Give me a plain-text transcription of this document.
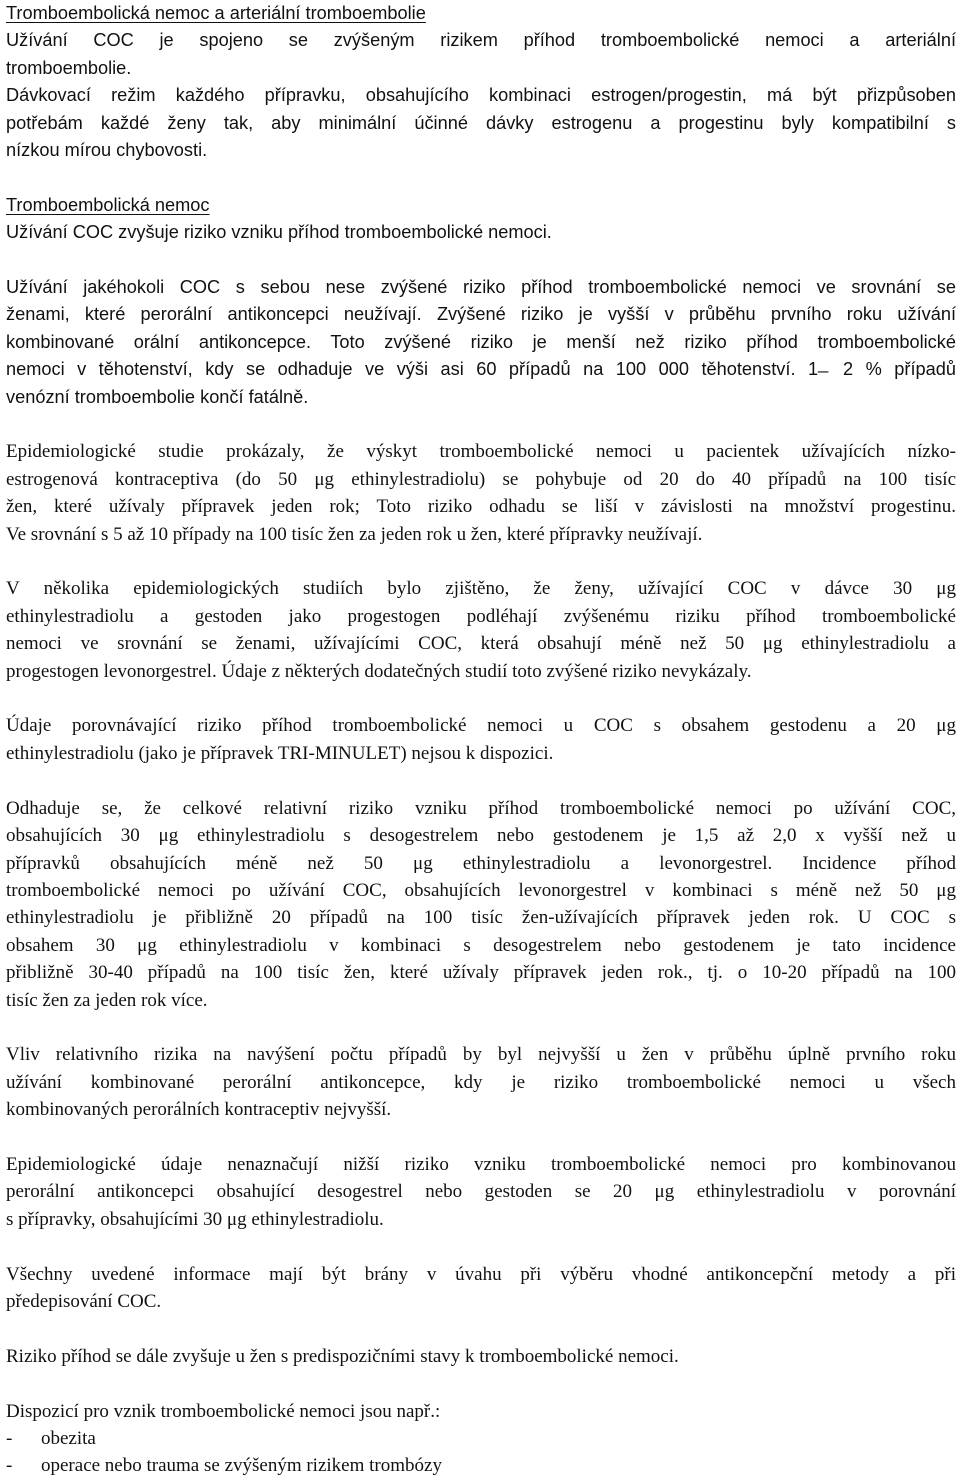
Tromboembolická nemoc a arteriální tromboembolie
Užívání COC je spojeno se zvýšeným rizikem příhod tromboembolické nemoci a arteriální
tromboembolie.
Dávkovací režim každého přípravku, obsahujícího kombinaci estrogen/progestin, má být přizpůsoben
potřebám každé ženy tak, aby minimální účinné dávky estrogenu a progestinu byly kompatibilní s
nízkou mírou chybovosti.
Tromboembolická nemoc
Užívání COC zvyšuje riziko vzniku příhod tromboembolické nemoci.
Užívání jakéhokoli COC s sebou nese zvýšené riziko příhod tromboembolické nemoci ve srovnání se
ženami, které perorální antikoncepci neužívají. Zvýšené riziko je vyšší v průběhu prvního roku užívání
kombinované orální antikoncepce. Toto zvýšené riziko je menší než riziko příhod tromboembolické
nemoci v těhotenství, kdy se odhaduje ve výši asi 60 případů na 100 000 těhotenství. 1 ̶ 2 % případů
venózní tromboembolie končí fatálně.
Epidemiologické studie prokázaly, že výskyt tromboembolické nemoci u pacientek užívajících nízko-
estrogenová kontraceptiva (do 50 μg ethinylestradiolu) se pohybuje od 20 do 40 případů na 100 tisíc
žen, které užívaly přípravek jeden rok; Toto riziko odhadu se liší v závislosti na množství progestinu.
Ve srovnání s 5 až 10 případy na 100 tisíc žen za jeden rok u žen, které přípravky neužívají.
V několika epidemiologických studiích bylo zjištěno, že ženy, užívající COC v dávce 30 μg
ethinylestradiolu a gestoden jako progestogen podléhají zvýšenému riziku příhod tromboembolické
nemoci ve srovnání se ženami, užívajícími COC, která obsahují méně než 50 μg ethinylestradiolu a
progestogen levonorgestrel. Údaje z některých dodatečných studií toto zvýšené riziko nevykázaly.
Údaje porovnávající riziko příhod tromboembolické nemoci u COC s obsahem gestodenu a 20 μg
ethinylestradiolu (jako je přípravek TRI-MINULET) nejsou k dispozici.
Odhaduje se, že celkové relativní riziko vzniku příhod tromboembolické nemoci po užívání COC,
obsahujících 30 μg ethinylestradiolu s desogestrelem nebo gestodenem je 1,5 až 2,0 x vyšší než u
přípravků obsahujících méně než 50 μg ethinylestradiolu a levonorgestrel. Incidence příhod
tromboembolické nemoci po užívání COC, obsahujících levonorgestrel v kombinaci s méně než 50 μg
ethinylestradiolu je přibližně 20 případů na 100 tisíc žen-užívajících přípravek jeden rok. U COC s
obsahem 30 μg ethinylestradiolu v kombinaci s desogestrelem nebo gestodenem je tato incidence
přibližně 30-40 případů na 100 tisíc žen, které užívaly přípravek jeden rok., tj. o 10-20 případů na 100
tisíc žen za jeden rok více.
Vliv relativního rizika na navýšení počtu případů by byl nejvyšší u žen v průběhu úplně prvního roku
užívání kombinované perorální antikoncepce, kdy je riziko tromboembolické nemoci u všech
kombinovaných perorálních kontraceptiv nejvyšší.
Epidemiologické údaje nenaznačují nižší riziko vzniku tromboembolické nemoci pro kombinovanou
perorální antikoncepci obsahující desogestrel nebo gestoden se 20 μg ethinylestradiolu v porovnání
s přípravky, obsahujícími 30 μg ethinylestradiolu.
Všechny uvedené informace mají být brány v úvahu při výběru vhodné antikoncepční metody a při
předepisování COC.
Riziko příhod se dále zvyšuje u žen s predispozičními stavy k tromboembolické nemoci.
Dispozicí pro vznik tromboembolické nemoci jsou např.:
- obezita
- operace nebo trauma se zvýšeným rizikem trombózy
